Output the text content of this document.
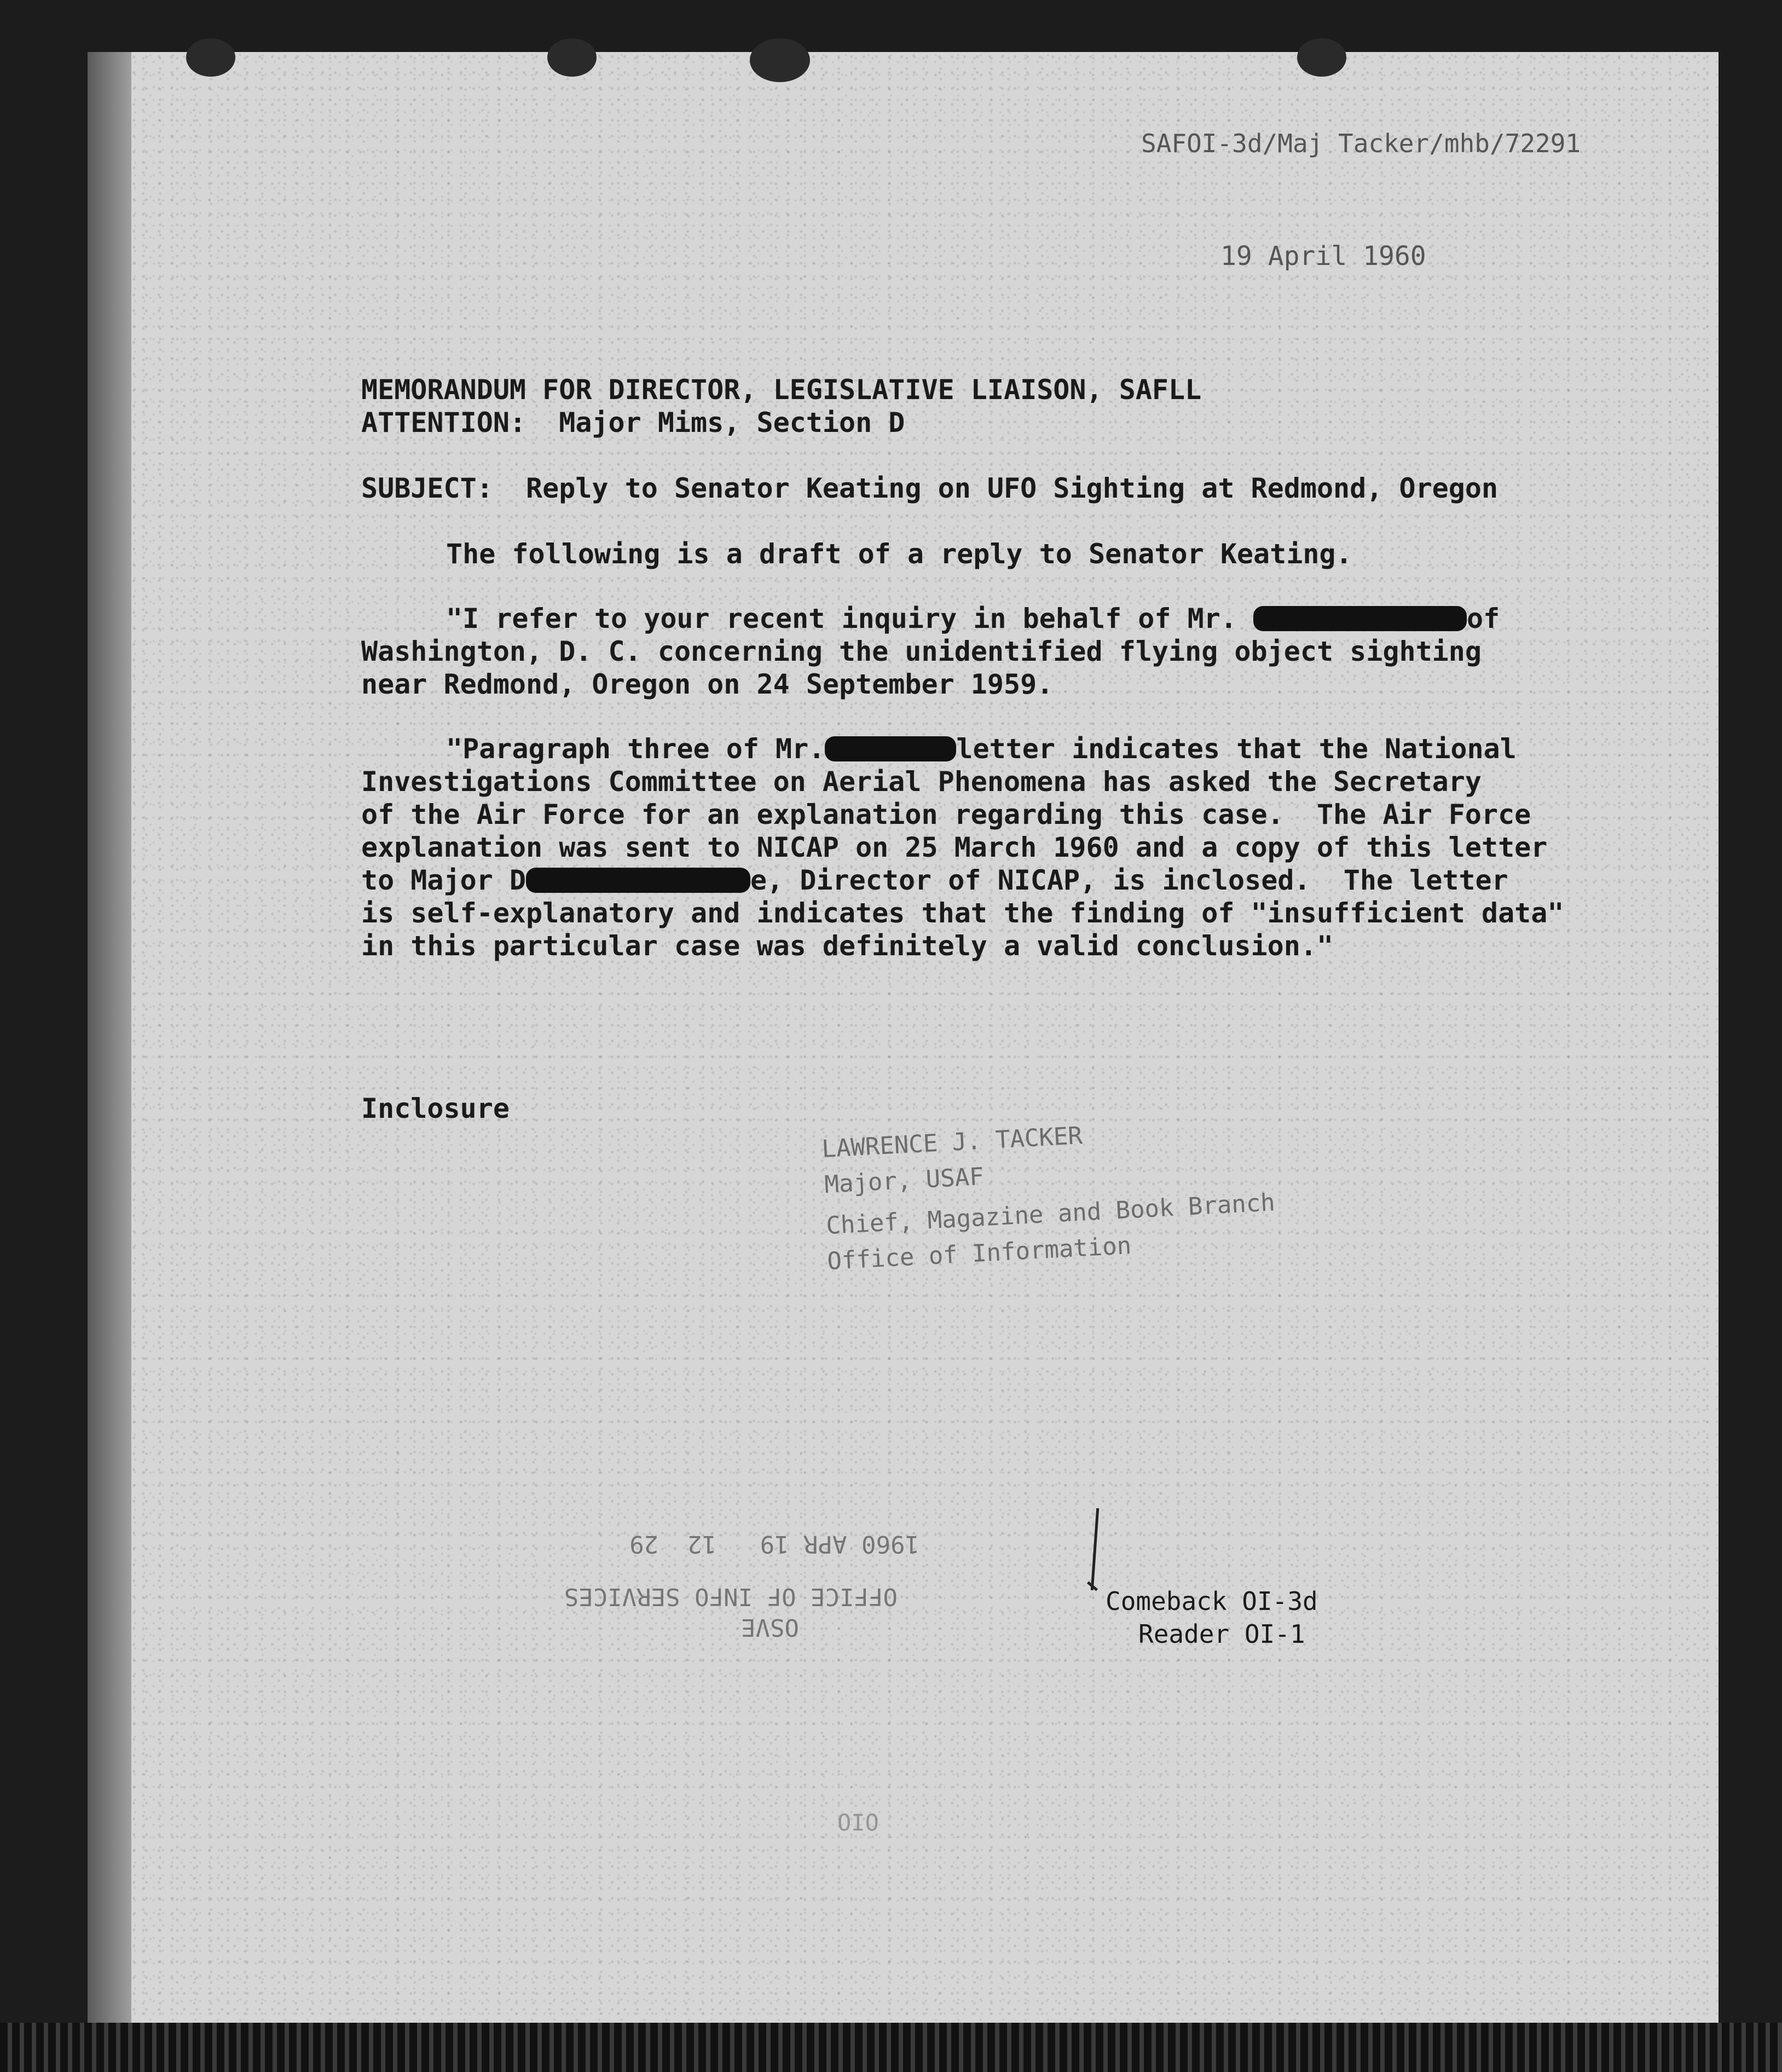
SAFOI-3d/Maj Tacker/mhb/72291
19 April 1960
MEMORANDUM FOR DIRECTOR, LEGISLATIVE LIAISON, SAFLL
ATTENTION:  Major Mims, Section D
SUBJECT:  Reply to Senator Keating on UFO Sighting at Redmond, Oregon
The following is a draft of a reply to Senator Keating.
"I refer to your recent inquiry in behalf of Mr.	of
Washington, D. C. concerning the unidentified flying object sighting
near Redmond, Oregon on 24 September 1959.
"Paragraph three of Mr.	letter indicates that the National
Investigations Committee on Aerial Phenomena has asked the Secretary
of the Air Force for an explanation regarding this case.  The Air Force
explanation was sent to NICAP on 25 March 1960 and a copy of this letter
to Major D	e, Director of NICAP, is inclosed.  The letter
is self-explanatory and indicates that the finding of "insufficient data"
in this particular case was definitely a valid conclusion."
Inclosure
LAWRENCE J. TACKER
Major, USAF
Chief, Magazine and Book Branch
Office of Information
Comeback OI-3d
Reader OI-1
OSVE
OFFICE OF INFO SERVICES
1960 APR 19   12  29
OIO
